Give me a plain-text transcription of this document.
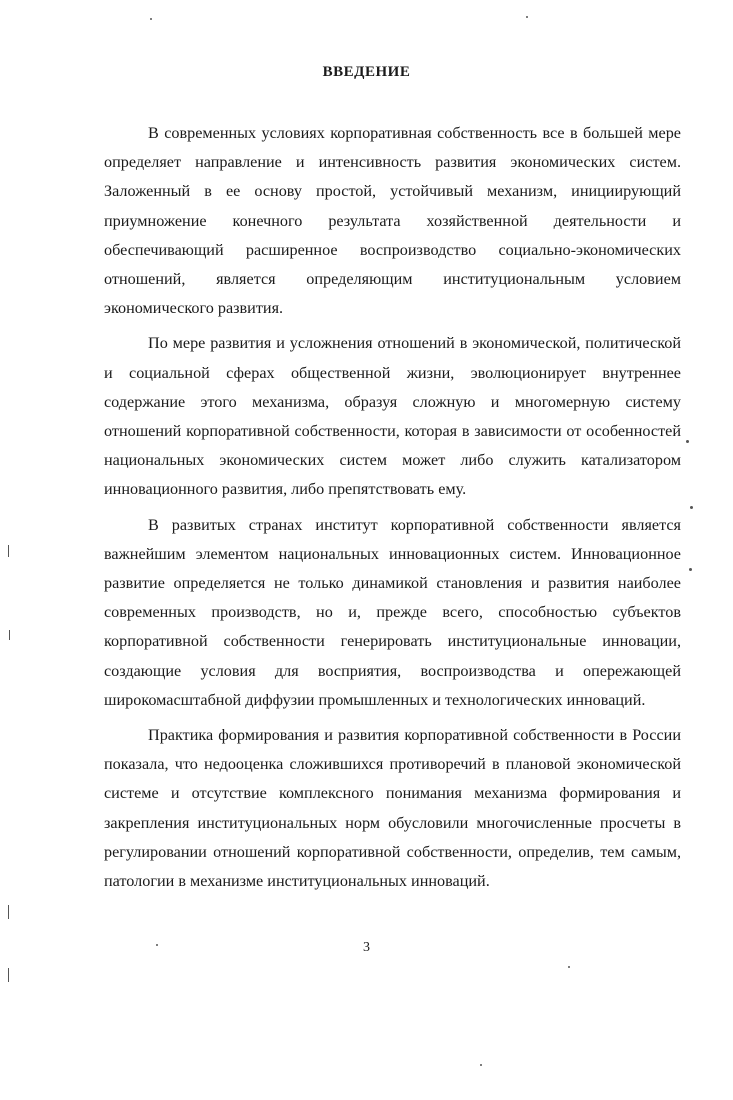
ВВЕДЕНИЕ

В современных условиях корпоративная собственность все в большей мере определяет направление и интенсивность развития экономических систем. Заложенный в ее основу простой, устойчивый механизм, инициирующий приумножение конечного результата хозяйственной деятельности и обеспечивающий расширенное воспроизводство социально-экономических отношений, является определяющим институциональным условием экономического развития.

По мере развития и усложнения отношений в экономической, политической и социальной сферах общественной жизни, эволюционирует внутреннее содержание этого механизма, образуя сложную и многомерную систему отношений корпоративной собственности, которая в зависимости от особенностей национальных экономических систем может либо служить катализатором инновационного развития, либо препятствовать ему.

В развитых странах институт корпоративной собственности является важнейшим элементом национальных инновационных систем. Инновационное развитие определяется не только динамикой становления и развития наиболее современных производств, но и, прежде всего, способностью субъектов корпоративной собственности генерировать институциональные инновации, создающие условия для восприятия, воспроизводства и опережающей широкомасштабной диффузии промышленных и технологических инноваций.

Практика формирования и развития корпоративной собственности в России показала, что недооценка сложившихся противоречий в плановой экономической системе и отсутствие комплексного понимания механизма формирования и закрепления институциональных норм обусловили многочисленные просчеты в регулировании отношений корпоративной собственности, определив, тем самым, патологии в механизме институциональных инноваций.

3
